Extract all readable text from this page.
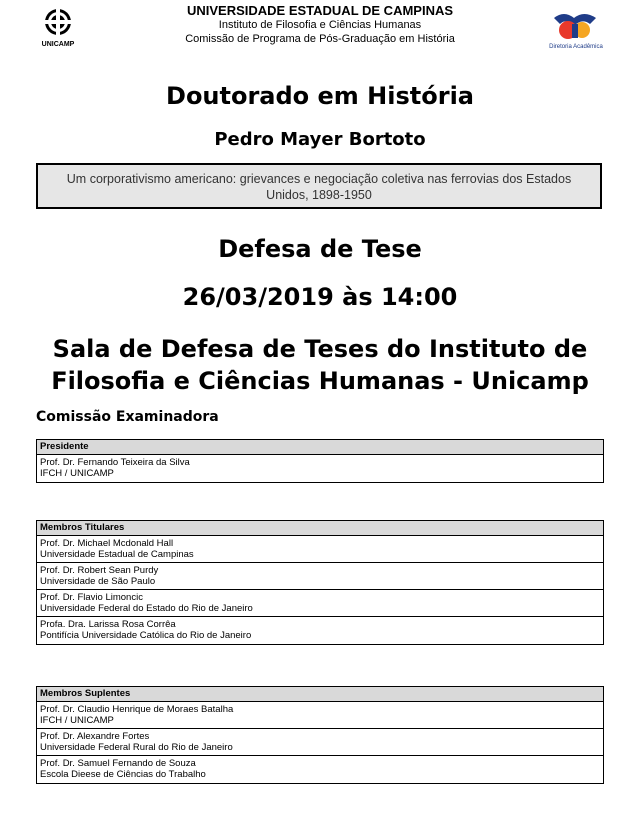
UNICAMP
UNIVERSIDADE ESTADUAL DE CAMPINAS
Instituto de Filosofia e Ciências Humanas
Comissão de Programa de Pós-Graduação em História
Diretoria Acadêmica
Doutorado em História
Pedro Mayer Bortoto
Um corporativismo americano: grievances e negociação coletiva nas ferrovias dos Estados Unidos, 1898-1950
Defesa de Tese
26/03/2019 às 14:00
Sala de Defesa de Teses do Instituto de Filosofia e Ciências Humanas - Unicamp
Comissão Examinadora
Presidente
Prof. Dr. Fernando Teixeira da Silva
IFCH / UNICAMP
Membros Titulares
Prof. Dr. Michael Mcdonald Hall
Universidade Estadual de Campinas
Prof. Dr. Robert Sean Purdy
Universidade de São Paulo
Prof. Dr. Flavio Limoncic
Universidade Federal do Estado do Rio de Janeiro
Profa. Dra. Larissa Rosa Corrêa
Pontifícia Universidade Católica do Rio de Janeiro
Membros Suplentes
Prof. Dr. Claudio Henrique de Moraes Batalha
IFCH / UNICAMP
Prof. Dr. Alexandre Fortes
Universidade Federal Rural do Rio de Janeiro
Prof. Dr. Samuel Fernando de Souza
Escola Dieese de Ciências do Trabalho
